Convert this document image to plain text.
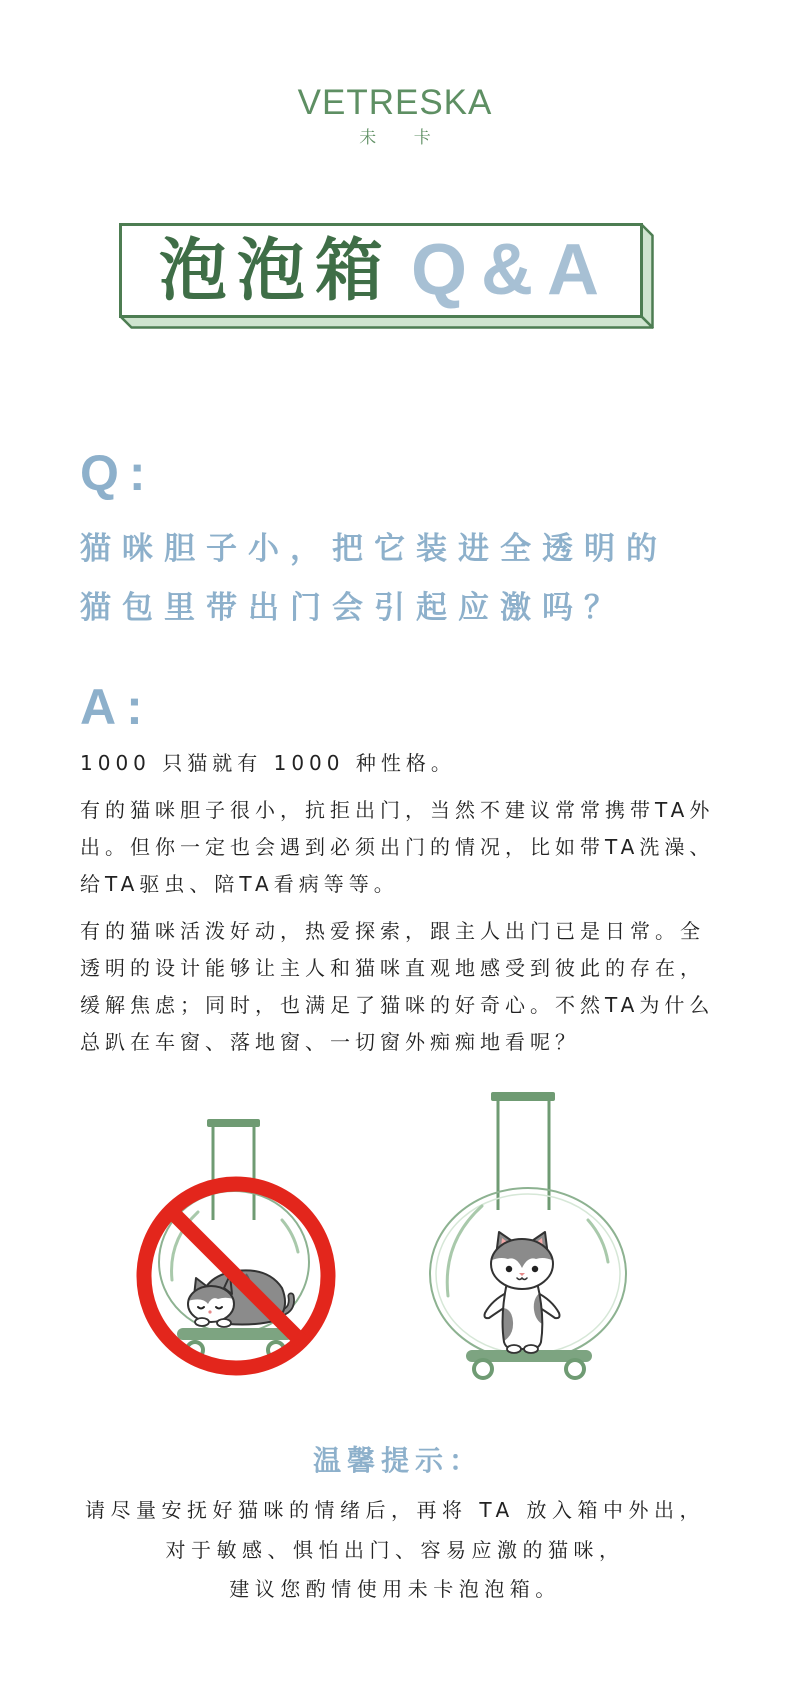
VETRESKA
未 卡
泡泡箱 Q&A
Q:
猫咪胆子小，把它装进全透明的
猫包里带出门会引起应激吗？
A:
1000 只猫就有 1000 种性格。
有的猫咪胆子很小，抗拒出门，当然不建议常常携带TA外
出。但你一定也会遇到必须出门的情况，比如带TA洗澡、
给TA驱虫、陪TA看病等等。
有的猫咪活泼好动，热爱探索，跟主人出门已是日常。全
透明的设计能够让主人和猫咪直观地感受到彼此的存在，
缓解焦虑；同时，也满足了猫咪的好奇心。不然TA为什么
总趴在车窗、落地窗、一切窗外痴痴地看呢？
温馨提示：
请尽量安抚好猫咪的情绪后，再将 TA 放入箱中外出，
对于敏感、惧怕出门、容易应激的猫咪，
建议您酌情使用未卡泡泡箱。
